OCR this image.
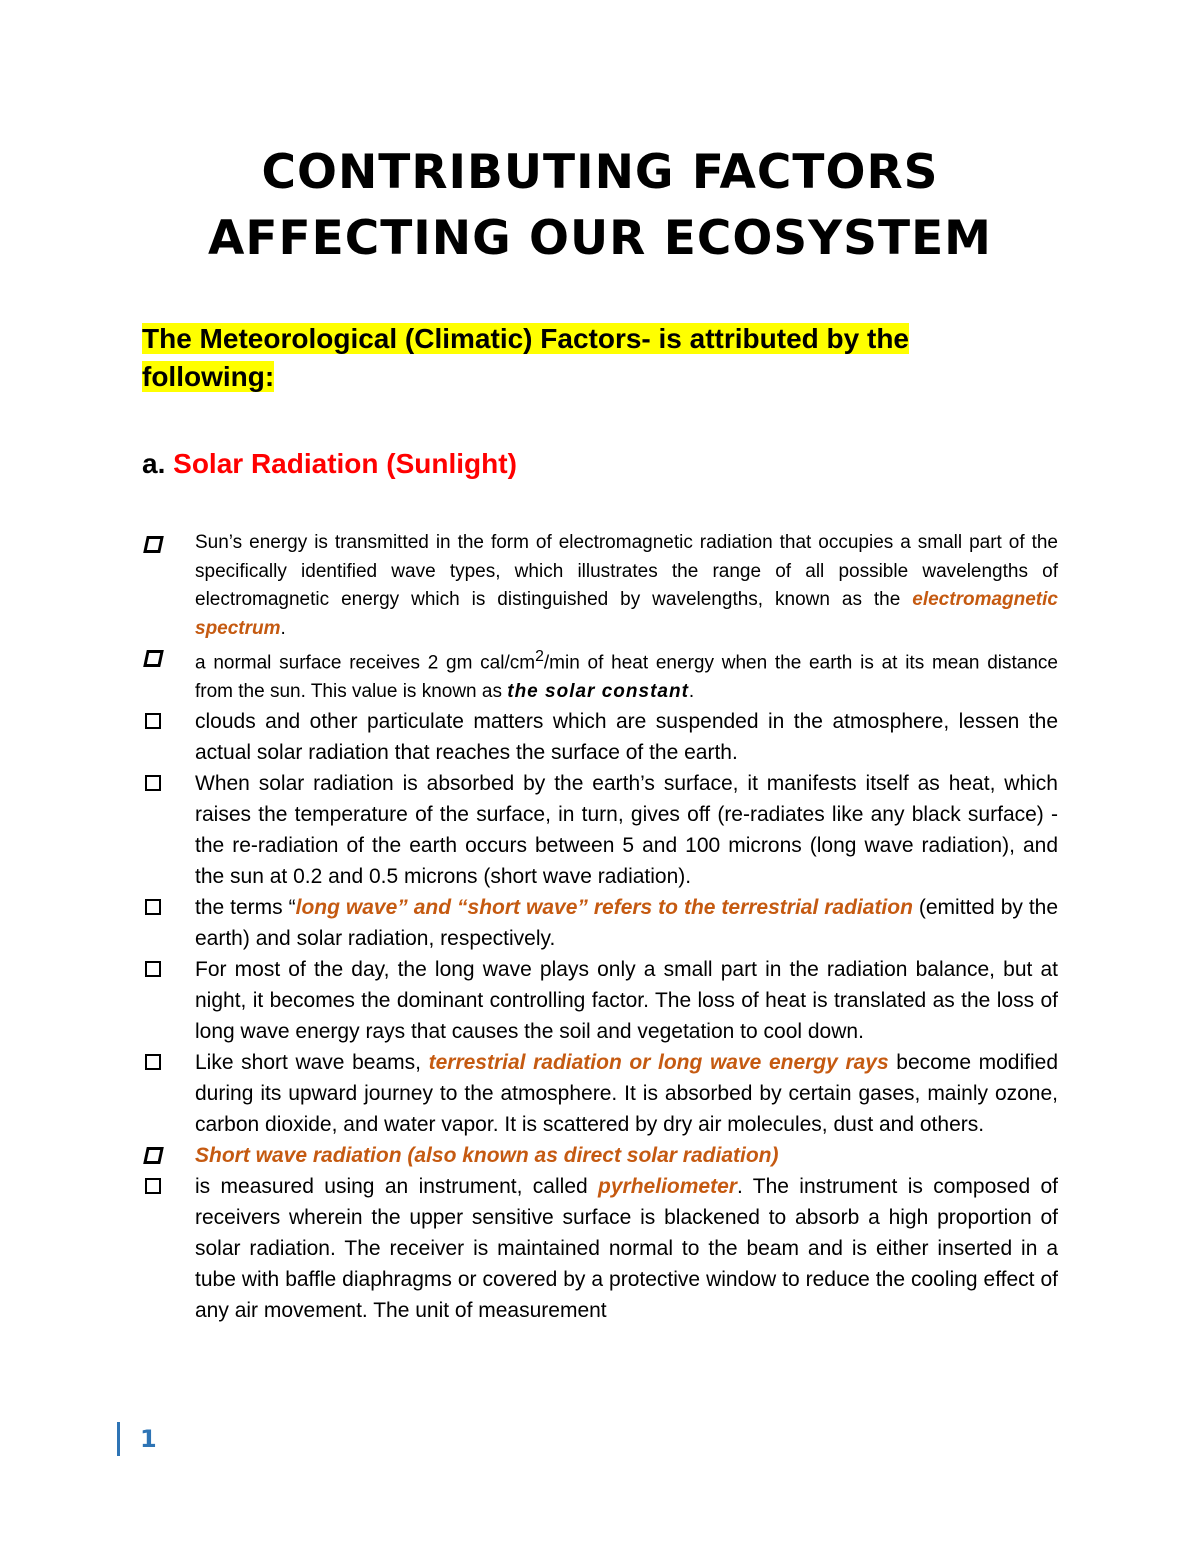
CONTRIBUTING FACTORS
AFFECTING OUR ECOSYSTEM

The Meteorological (Climatic) Factors- is attributed by the following:

a. Solar Radiation (Sunlight)

Sun’s energy is transmitted in the form of electromagnetic radiation that occupies a small part of the specifically identified wave types, which illustrates the range of all possible wavelengths of electromagnetic energy which is distinguished by wavelengths, known as the electromagnetic spectrum.
a normal surface receives 2 gm cal/$cm^2/\min$ of heat energy when the earth is at its mean distance from the sun. This value is known as the solar constant.
clouds and other particulate matters which are suspended in the atmosphere, lessen the actual solar radiation that reaches the surface of the earth.
When solar radiation is absorbed by the earth’s surface, it manifests itself as heat, which raises the temperature of the surface, in turn, gives off (re-radiates like any black surface) -the re-radiation of the earth occurs between 5 and 100 microns (long wave radiation), and the sun at 0.2 and 0.5 microns (short wave radiation).
the terms “long wave” and “short wave” refers to the terrestrial radiation (emitted by the earth) and solar radiation, respectively.
For most of the day, the long wave plays only a small part in the radiation balance, but at night, it becomes the dominant controlling factor. The loss of heat is translated as the loss of long wave energy rays that causes the soil and vegetation to cool down.
Like short wave beams, terrestrial radiation or long wave energy rays become modified during its upward journey to the atmosphere. It is absorbed by certain gases, mainly ozone, carbon dioxide, and water vapor. It is scattered by dry air molecules, dust and others.
Short wave radiation (also known as direct solar radiation)
is measured using an instrument, called pyrheliometer. The instrument is composed of receivers wherein the upper sensitive surface is blackened to absorb a high proportion of solar radiation. The receiver is maintained normal to the beam and is either inserted in a tube with baffle diaphragms or covered by a protective window to reduce the cooling effect of any air movement. The unit of measurement
1
